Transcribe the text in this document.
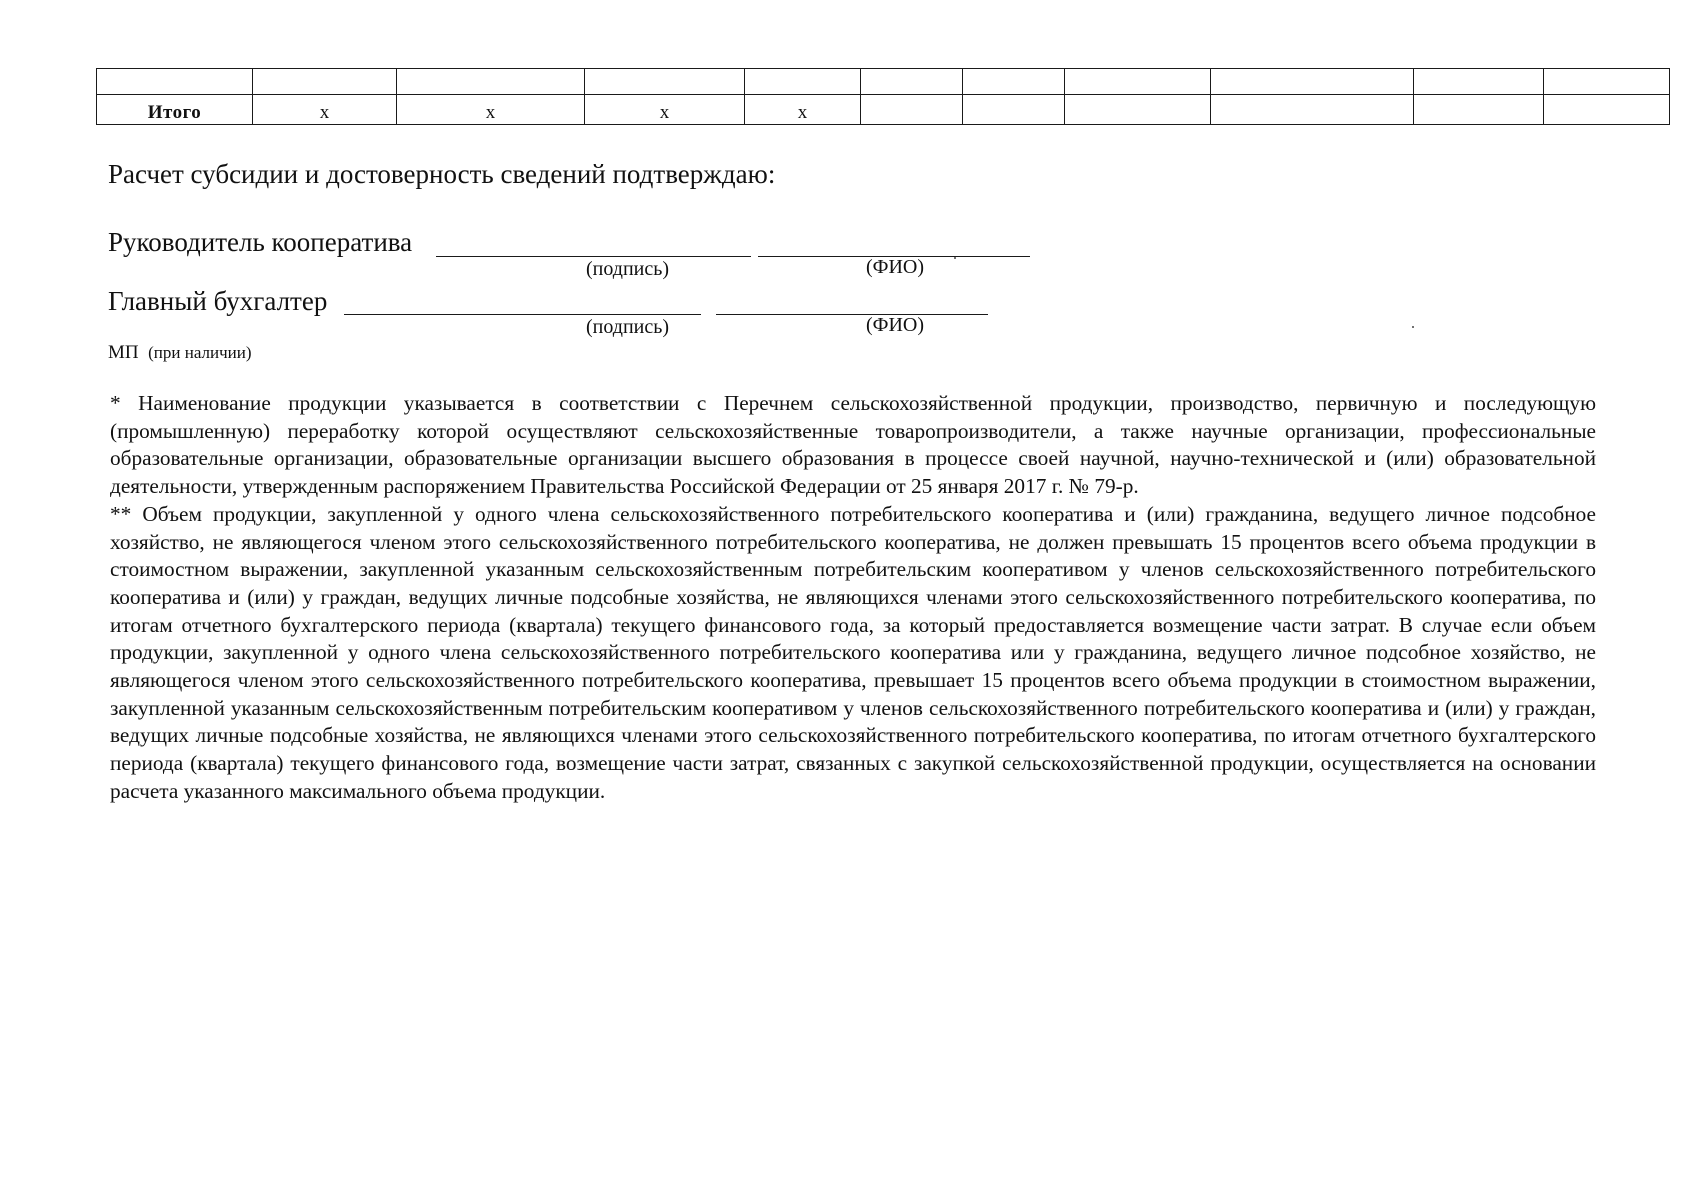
Итого	x	x	x	x						
Расчет субсидии и достоверность сведений подтверждаю:
Руководитель кооператива
(подпись)	(ФИО)
Главный бухгалтер
(подпись)	(ФИО)
МП (при наличии)

* Наименование продукции указывается в соответствии с Перечнем сельскохозяйственной продукции, производство, первичную и последующую (промышленную) переработку которой осуществляют сельскохозяйственные товаропроизводители, а также научные организации, профессиональные образовательные организации, образовательные организации высшего образования в процессе своей научной, научно-технической и (или) образовательной деятельности, утвержденным распоряжением Правительства Российской Федерации от 25 января 2017 г. № 79-р.

** Объем продукции, закупленной у одного члена сельскохозяйственного потребительского кооператива и (или) гражданина, ведущего личное подсобное хозяйство, не являющегося членом этого сельскохозяйственного потребительского кооператива, не должен превышать 15 процентов всего объема продукции в стоимостном выражении, закупленной указанным сельскохозяйственным потребительским кооперативом у членов сельскохозяйственного потребительского кооператива и (или) у граждан, ведущих личные подсобные хозяйства, не являющихся членами этого сельскохозяйственного потребительского кооператива, по итогам отчетного бухгалтерского периода (квартала) текущего финансового года, за который предоставляется возмещение части затрат. В случае если объем продукции, закупленной у одного члена сельскохозяйственного потребительского кооператива или у гражданина, ведущего личное подсобное хозяйство, не являющегося членом этого сельскохозяйственного потребительского кооператива, превышает 15 процентов всего объема продукции в стоимостном выражении, закупленной указанным сельскохозяйственным потребительским кооперативом у членов сельскохозяйственного потребительского кооператива и (или) у граждан, ведущих личные подсобные хозяйства, не являющихся членами этого сельскохозяйственного потребительского кооператива, по итогам отчетного бухгалтерского периода (квартала) текущего финансового года, возмещение части затрат, связанных с закупкой сельскохозяйственной продукции, осуществляется на основании расчета указанного максимального объема продукции.
